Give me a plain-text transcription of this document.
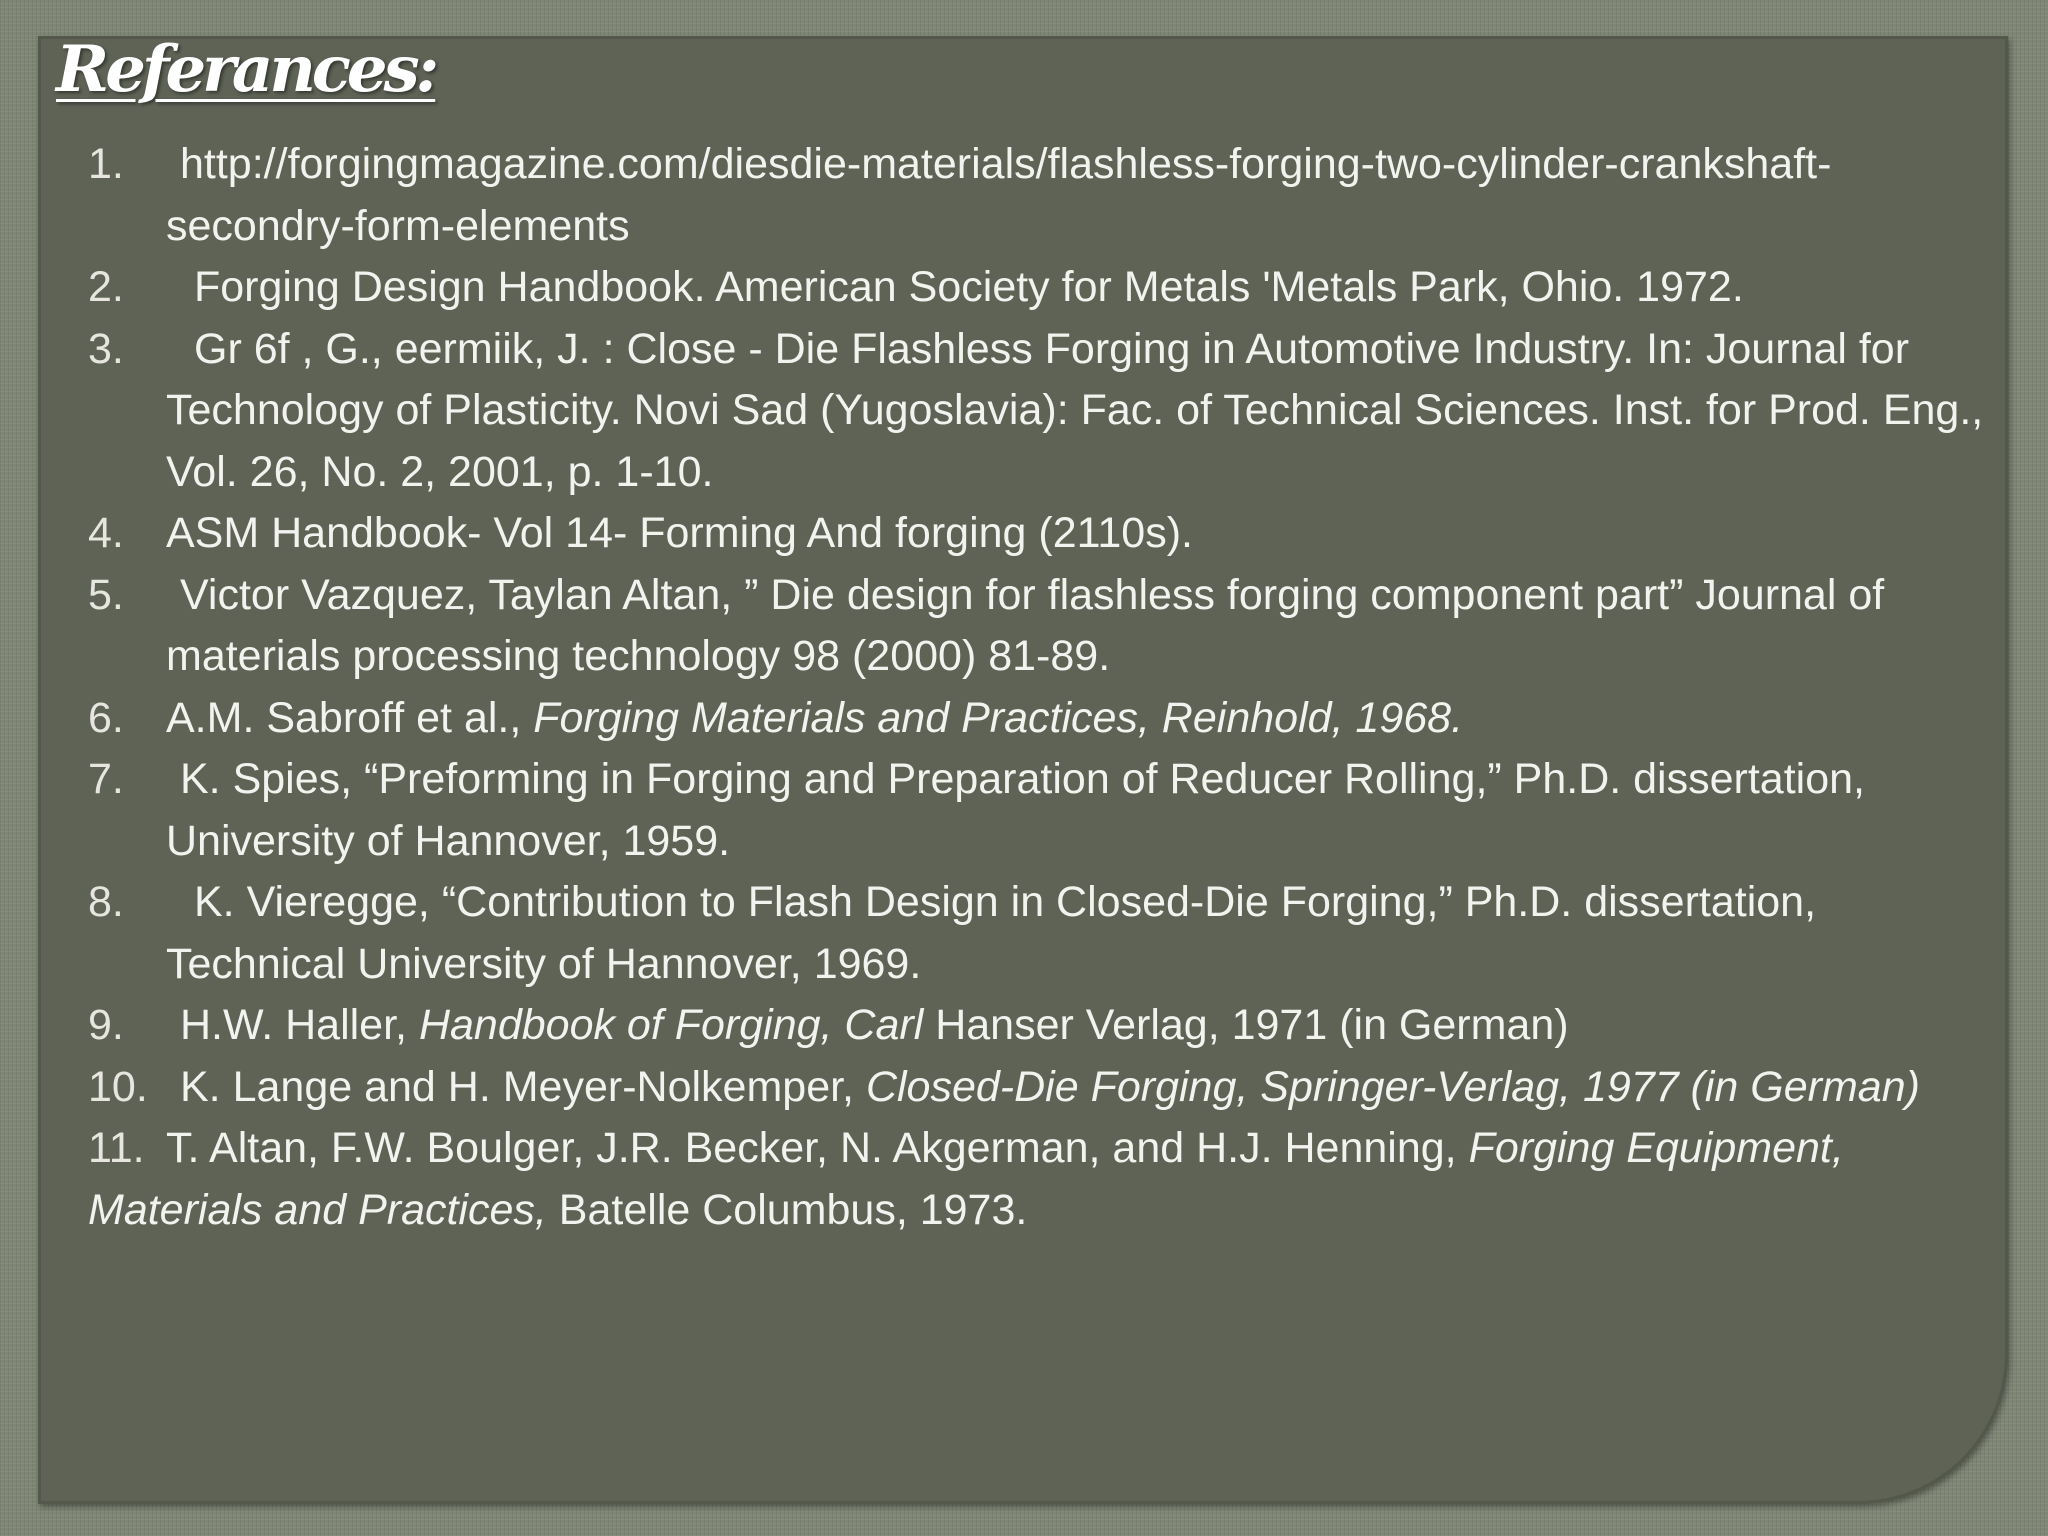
Referances:
1. http://forgingmagazine.com/diesdie-materials/flashless-forging-two-cylinder-crankshaft-secondry-form-elements
2. Forging Design Handbook. American Society for Metals 'Metals Park, Ohio. 1972.
3. Gr 6f , G., eermiik, J. : Close - Die Flashless Forging in Automotive Industry. In: Journal for Technology of Plasticity. Novi Sad (Yugoslavia): Fac. of Technical Sciences. Inst. for Prod. Eng., Vol. 26, No. 2, 2001, p. 1-10.
4. ASM Handbook- Vol 14- Forming And forging (2110s).
5. Victor Vazquez, Taylan Altan, ” Die design for flashless forging component part” Journal of materials processing technology 98 (2000) 81-89.
6. A.M. Sabroff et al., Forging Materials and Practices, Reinhold, 1968.
7. K. Spies, “Preforming in Forging and Preparation of Reducer Rolling,” Ph.D. dissertation, University of Hannover, 1959.
8. K. Vieregge, “Contribution to Flash Design in Closed-Die Forging,” Ph.D. dissertation, Technical University of Hannover, 1969.
9. H.W. Haller, Handbook of Forging, Carl Hanser Verlag, 1971 (in German)
10. K. Lange and H. Meyer-Nolkemper, Closed-Die Forging, Springer-Verlag, 1977 (in German)
11. T. Altan, F.W. Boulger, J.R. Becker, N. Akgerman, and H.J. Henning, Forging Equipment, Materials and Practices, Batelle Columbus, 1973.
